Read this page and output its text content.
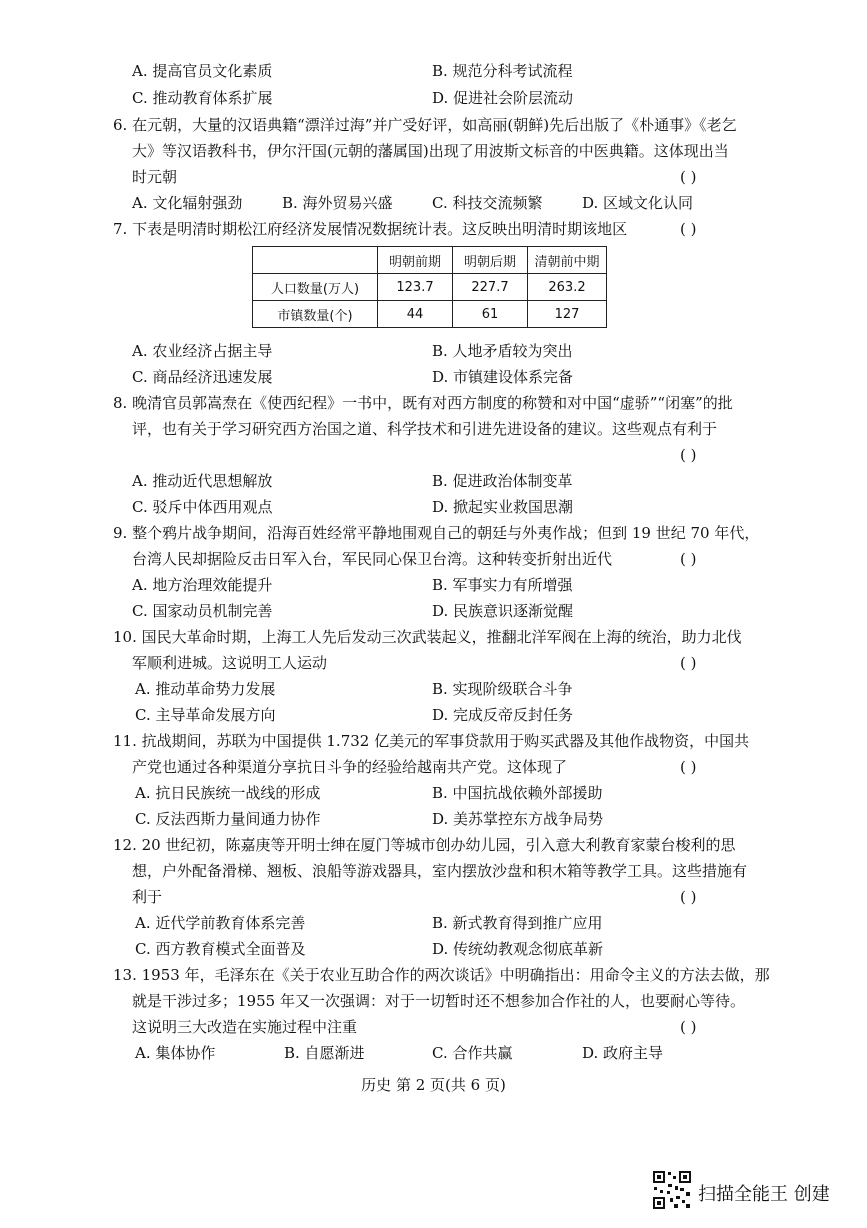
A. 提高官员文化素质	B. 规范分科考试流程
C. 推动教育体系扩展	D. 促进社会阶层流动
6. 在元朝，大量的汉语典籍“漂洋过海”并广受好评，如高丽(朝鲜)先后出版了《朴通事》《老乞
大》等汉语教科书，伊尔汗国(元朝的藩属国)出现了用波斯文标音的中医典籍。这体现出当
时元朝	( )
A. 文化辐射强劲	B. 海外贸易兴盛	C. 科技交流频繁	D. 区域文化认同
7. 下表是明清时期松江府经济发展情况数据统计表。这反映出明清时期该地区	( )
	明朝前期	明朝后期	清朝前中期
人口数量(万人)	123.7	227.7	263.2
市镇数量(个)	44	61	127
A. 农业经济占据主导	B. 人地矛盾较为突出
C. 商品经济迅速发展	D. 市镇建设体系完备
8. 晚清官员郭嵩焘在《使西纪程》一书中，既有对西方制度的称赞和对中国“虚骄”“闭塞”的批
评，也有关于学习研究西方治国之道、科学技术和引进先进设备的建议。这些观点有利于
( )
A. 推动近代思想解放	B. 促进政治体制变革
C. 驳斥中体西用观点	D. 掀起实业救国思潮
9. 整个鸦片战争期间，沿海百姓经常平静地围观自己的朝廷与外夷作战；但到 19 世纪 70 年代，
台湾人民却据险反击日军入台，军民同心保卫台湾。这种转变折射出近代	( )
A. 地方治理效能提升	B. 军事实力有所增强
C. 国家动员机制完善	D. 民族意识逐渐觉醒
10. 国民大革命时期，上海工人先后发动三次武装起义，推翻北洋军阀在上海的统治，助力北伐
军顺利进城。这说明工人运动	( )
A. 推动革命势力发展	B. 实现阶级联合斗争
C. 主导革命发展方向	D. 完成反帝反封任务
11. 抗战期间，苏联为中国提供 1.732 亿美元的军事贷款用于购买武器及其他作战物资，中国共
产党也通过各种渠道分享抗日斗争的经验给越南共产党。这体现了	( )
A. 抗日民族统一战线的形成	B. 中国抗战依赖外部援助
C. 反法西斯力量间通力协作	D. 美苏掌控东方战争局势
12. 20 世纪初，陈嘉庚等开明士绅在厦门等城市创办幼儿园，引入意大利教育家蒙台梭利的思
想，户外配备滑梯、翘板、浪船等游戏器具，室内摆放沙盘和积木箱等教学工具。这些措施有
利于	( )
A. 近代学前教育体系完善	B. 新式教育得到推广应用
C. 西方教育模式全面普及	D. 传统幼教观念彻底革新
13. 1953 年，毛泽东在《关于农业互助合作的两次谈话》中明确指出：用命令主义的方法去做，那
就是干涉过多；1955 年又一次强调：对于一切暂时还不想参加合作社的人，也要耐心等待。
这说明三大改造在实施过程中注重	( )
A. 集体协作	B. 自愿渐进	C. 合作共赢	D. 政府主导
历史 第 2 页(共 6 页)
扫描全能王 创建
